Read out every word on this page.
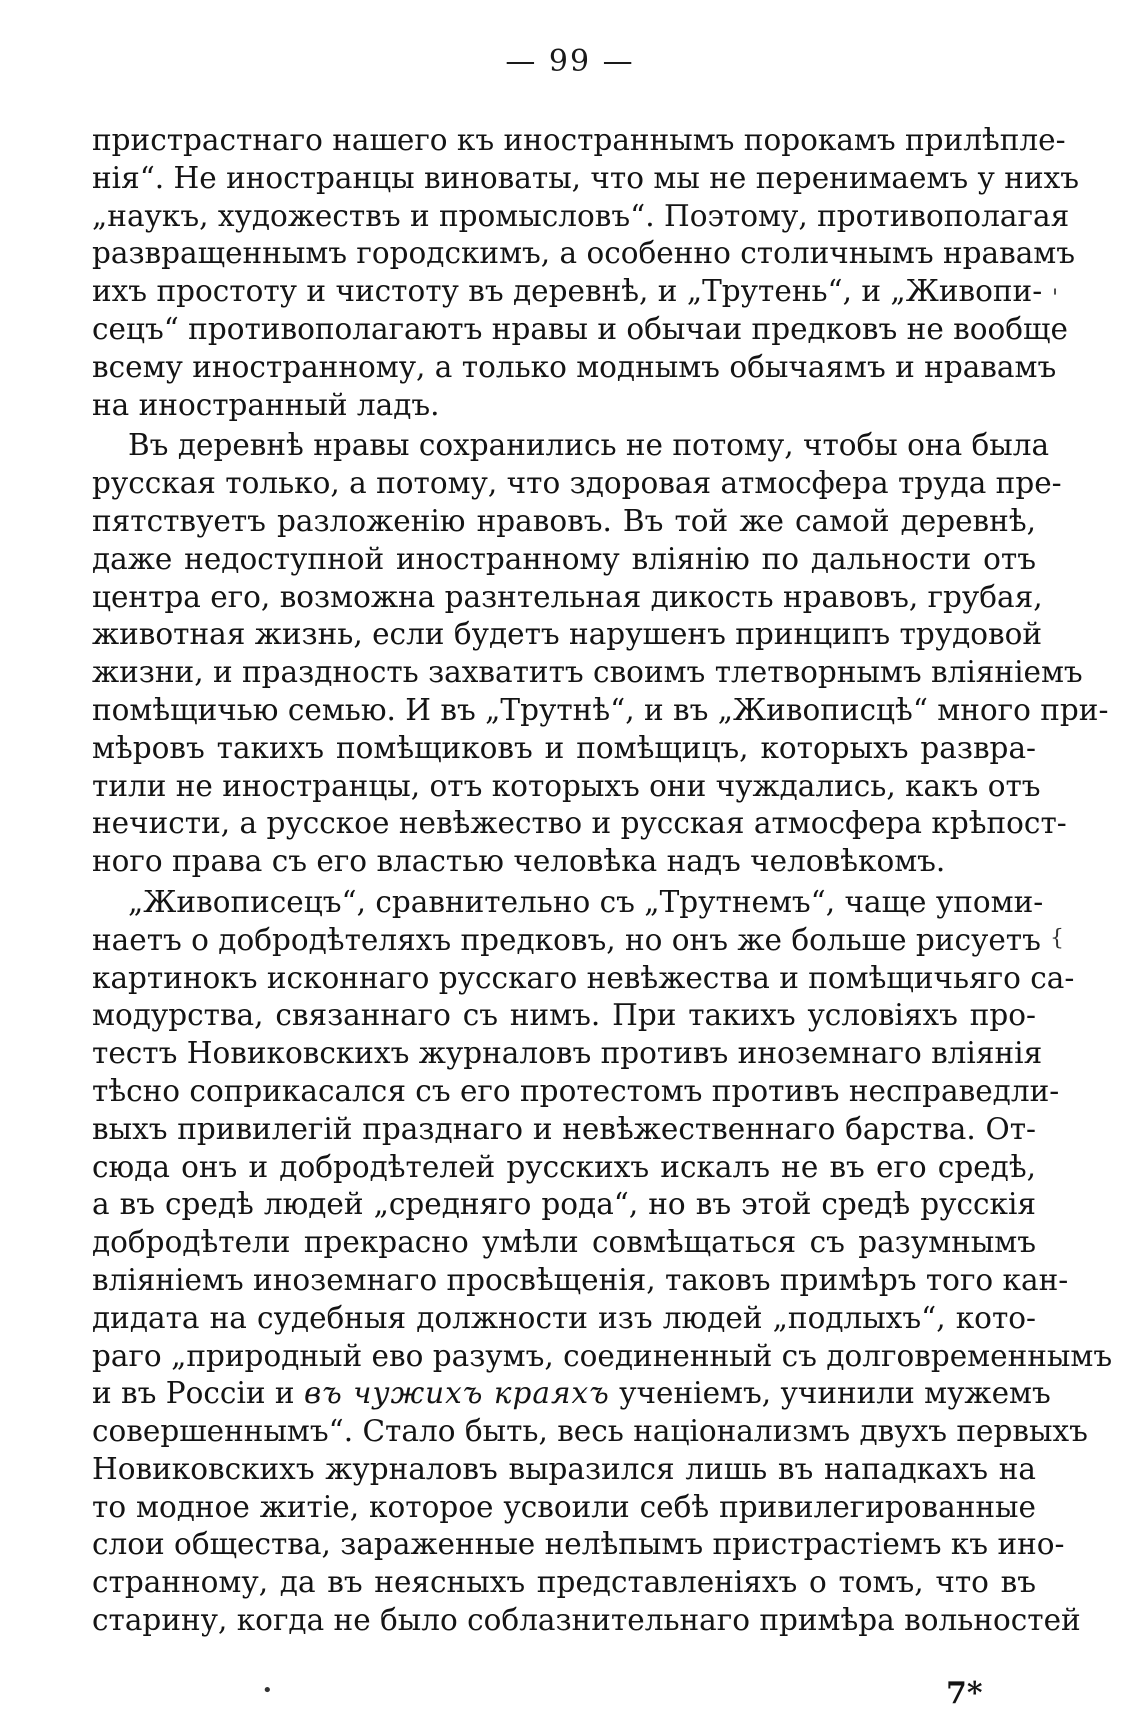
— 99 —
пристрастнаго нашего къ иностраннымъ порокамъ прилѣпле-
нія“. Не иностранцы виноваты, что мы не перенимаемъ у нихъ
„наукъ, художествъ и промысловъ“. Поэтому, противополагая
развращеннымъ городскимъ, а особенно столичнымъ нравамъ
ихъ простоту и чистоту въ деревнѣ, и „Трутень“, и „Живопи-
сецъ“ противополагаютъ нравы и обычаи предковъ не вообще
всему иностранному, а только моднымъ обычаямъ и нравамъ
на иностранный ладъ.
Въ деревнѣ нравы сохранились не потому, чтобы она была
русская только, а потому, что здоровая атмосфера труда пре-
пятствуетъ разложенію нравовъ. Въ той же самой деревнѣ,
даже недоступной иностранному вліянію по дальности отъ
центра его, возможна разнтельная дикость нравовъ, грубая,
животная жизнь, если будетъ нарушенъ принципъ трудовой
жизни, и праздность захватитъ своимъ тлетворнымъ вліяніемъ
помѣщичью семью. И въ „Трутнѣ“, и въ „Живописцѣ“ много при-
мѣровъ такихъ помѣщиковъ и помѣщицъ, которыхъ развра-
тили не иностранцы, отъ которыхъ они чуждались, какъ отъ
нечисти, а русское невѣжество и русская атмосфера крѣпост-
ного права съ его властью человѣка надъ человѣкомъ.
„Живописецъ“, сравнительно съ „Трутнемъ“, чаще упоми-
наетъ о добродѣтеляхъ предковъ, но онъ же больше рисуетъ
картинокъ исконнаго русскаго невѣжества и помѣщичьяго са-
модурства, связаннаго съ нимъ. При такихъ условіяхъ про-
тестъ Новиковскихъ журналовъ противъ иноземнаго вліянія
тѣсно соприкасался съ его протестомъ противъ несправедли-
выхъ привилегій празднаго и невѣжественнаго барства. От-
сюда онъ и добродѣтелей русскихъ искалъ не въ его средѣ,
а въ средѣ людей „средняго рода“, но въ этой средѣ русскія
добродѣтели прекрасно умѣли совмѣщаться съ разумнымъ
вліяніемъ иноземнаго просвѣщенія, таковъ примѣръ того кан-
дидата на судебныя должности изъ людей „подлыхъ“, кото-
раго „природный ево разумъ, соединенный съ долговременнымъ
и въ Россіи и въ чужихъ краяхъ ученіемъ, учинили мужемъ
совершеннымъ“. Стало быть, весь націонализмъ двухъ первыхъ
Новиковскихъ журналовъ выразился лишь въ нападкахъ на
то модное житіе, которое усвоили себѣ привилегированные
слои общества, зараженные нелѣпымъ пристрастіемъ къ ино-
странному, да въ неясныхъ представленіяхъ о томъ, что въ
старину, когда не было соблазнительнаго примѣра вольностей
'
{
•	7*
